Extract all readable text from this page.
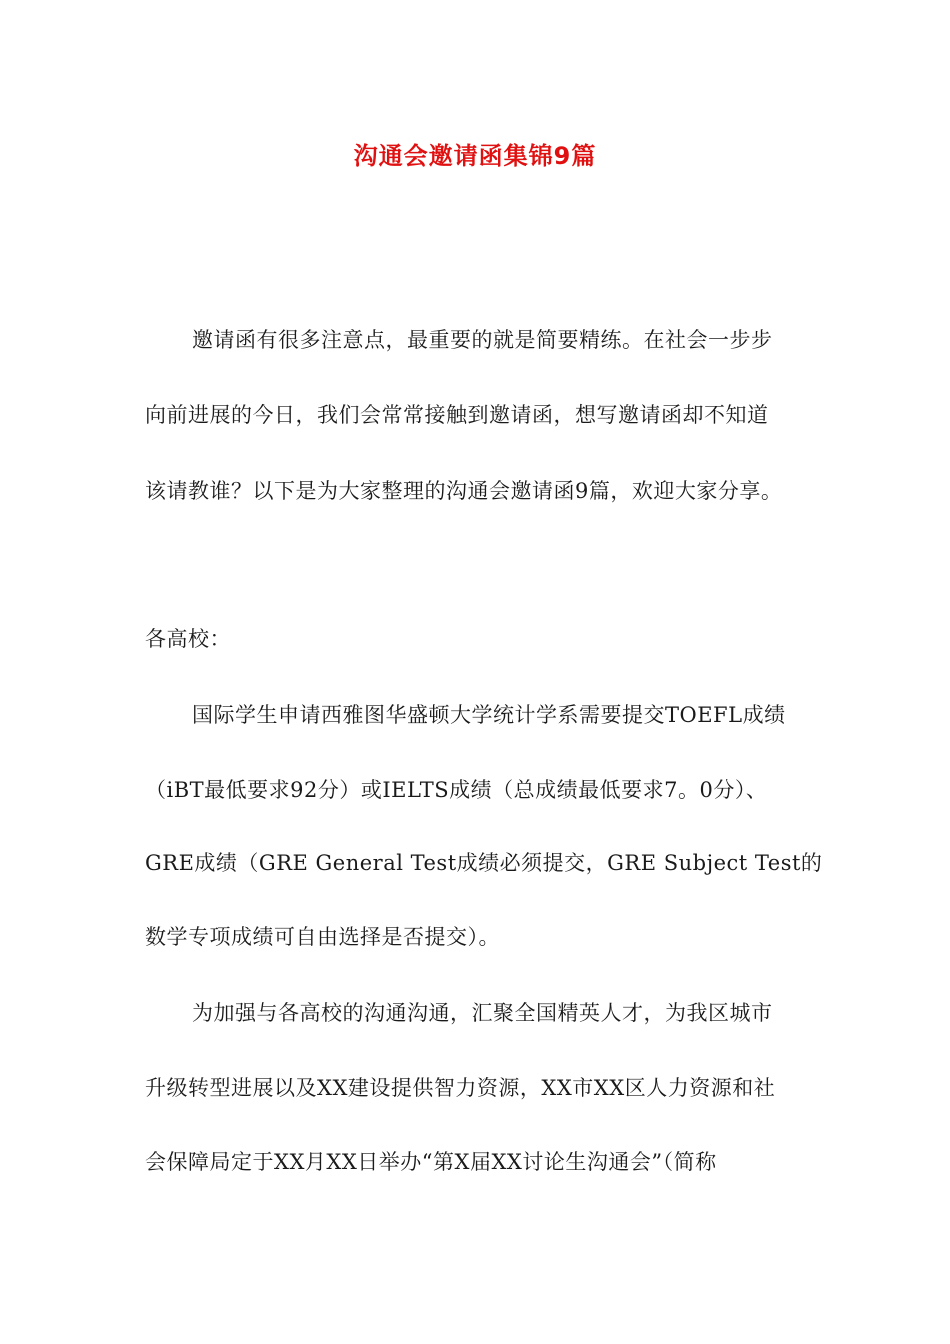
沟通会邀请函集锦9篇
邀请函有很多注意点，最重要的就是简要精练。在社会一步步
向前进展的今日，我们会常常接触到邀请函，想写邀请函却不知道
该请教谁？以下是为大家整理的沟通会邀请函9篇，欢迎大家分享。
各高校：
国际学生申请西雅图华盛顿大学统计学系需要提交TOEFL成绩
（iBT最低要求92分）或IELTS成绩（总成绩最低要求7。0分）、
GRE成绩（GRE General Test成绩必须提交，GRE Subject Test的
数学专项成绩可自由选择是否提交）。
为加强与各高校的沟通沟通，汇聚全国精英人才，为我区城市
升级转型进展以及XX建设提供智力资源，XX市XX区人力资源和社
会保障局定于XX月XX日举办“第X届XX讨论生沟通会”（简称
